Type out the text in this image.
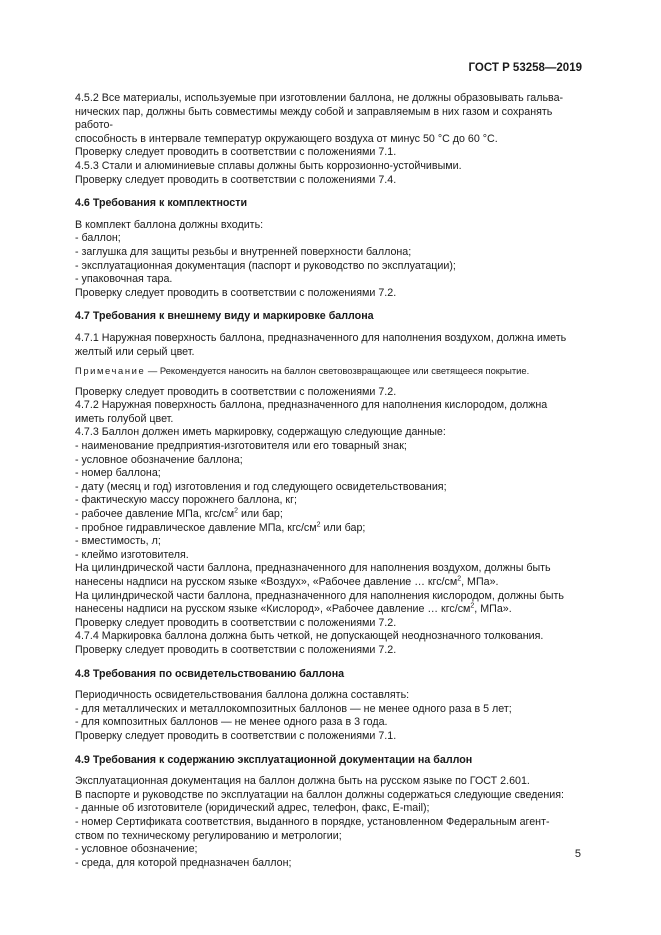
ГОСТ Р 53258—2019

4.5.2 Все материалы, используемые при изготовлении баллона, не должны образовывать гальва-
нических пар, должны быть совместимы между собой и заправляемым в них газом и сохранять работо-
способность в интервале температур окружающего воздуха от минус 50 °С до 60 °С.

Проверку следует проводить в соответствии с положениями 7.1.

4.5.3 Стали и алюминиевые сплавы должны быть коррозионно-устойчивыми.

Проверку следует проводить в соответствии с положениями 7.4.

4.6 Требования к комплектности

В комплект баллона должны входить:

- баллон;

- заглушка для защиты резьбы и внутренней поверхности баллона;

- эксплуатационная документация (паспорт и руководство по эксплуатации);

- упаковочная тара.

Проверку следует проводить в соответствии с положениями 7.2.

4.7 Требования к внешнему виду и маркировке баллона

4.7.1 Наружная поверхность баллона, предназначенного для наполнения воздухом, должна иметь
желтый или серый цвет.

Примечание — Рекомендуется наносить на баллон световозвращающее или светящееся покрытие.

Проверку следует проводить в соответствии с положениями 7.2.

4.7.2 Наружная поверхность баллона, предназначенного для наполнения кислородом, должна
иметь голубой цвет.

4.7.3 Баллон должен иметь маркировку, содержащую следующие данные:

- наименование предприятия-изготовителя или его товарный знак;

- условное обозначение баллона;

- номер баллона;

- дату (месяц и год) изготовления и год следующего освидетельствования;

- фактическую массу порожнего баллона, кг;

- рабочее давление МПа, кгс/$см^2$ или бар;

- пробное гидравлическое давление МПа, кгс/$см^2$ или бар;

- вместимость, л;

- клеймо изготовителя.

На цилиндрической части баллона, предназначенного для наполнения воздухом, должны быть
нанесены надписи на русском языке «Воздух», «Рабочее давление … кгс/$см^2$, МПа».

На цилиндрической части баллона, предназначенного для наполнения кислородом, должны быть
нанесены надписи на русском языке «Кислород», «Рабочее давление … кгс/$см^2$, МПа».

Проверку следует проводить в соответствии с положениями 7.2.

4.7.4 Маркировка баллона должна быть четкой, не допускающей неоднозначного толкования.

Проверку следует проводить в соответствии с положениями 7.2.

4.8 Требования по освидетельствованию баллона

Периодичность освидетельствования баллона должна составлять:

- для металлических и металлокомпозитных баллонов — не менее одного раза в 5 лет;

- для композитных баллонов — не менее одного раза в 3 года.

Проверку следует проводить в соответствии с положениями 7.1.

4.9 Требования к содержанию эксплуатационной документации на баллон

Эксплуатационная документация на баллон должна быть на русском языке по ГОСТ 2.601.

В паспорте и руководстве по эксплуатации на баллон должны содержаться следующие сведения:

- данные об изготовителе (юридический адрес, телефон, факс, E-mail);

- номер Сертификата соответствия, выданного в порядке, установленном Федеральным агент-
ством по техническому регулированию и метрологии;

- условное обозначение;

- среда, для которой предназначен баллон;

5
